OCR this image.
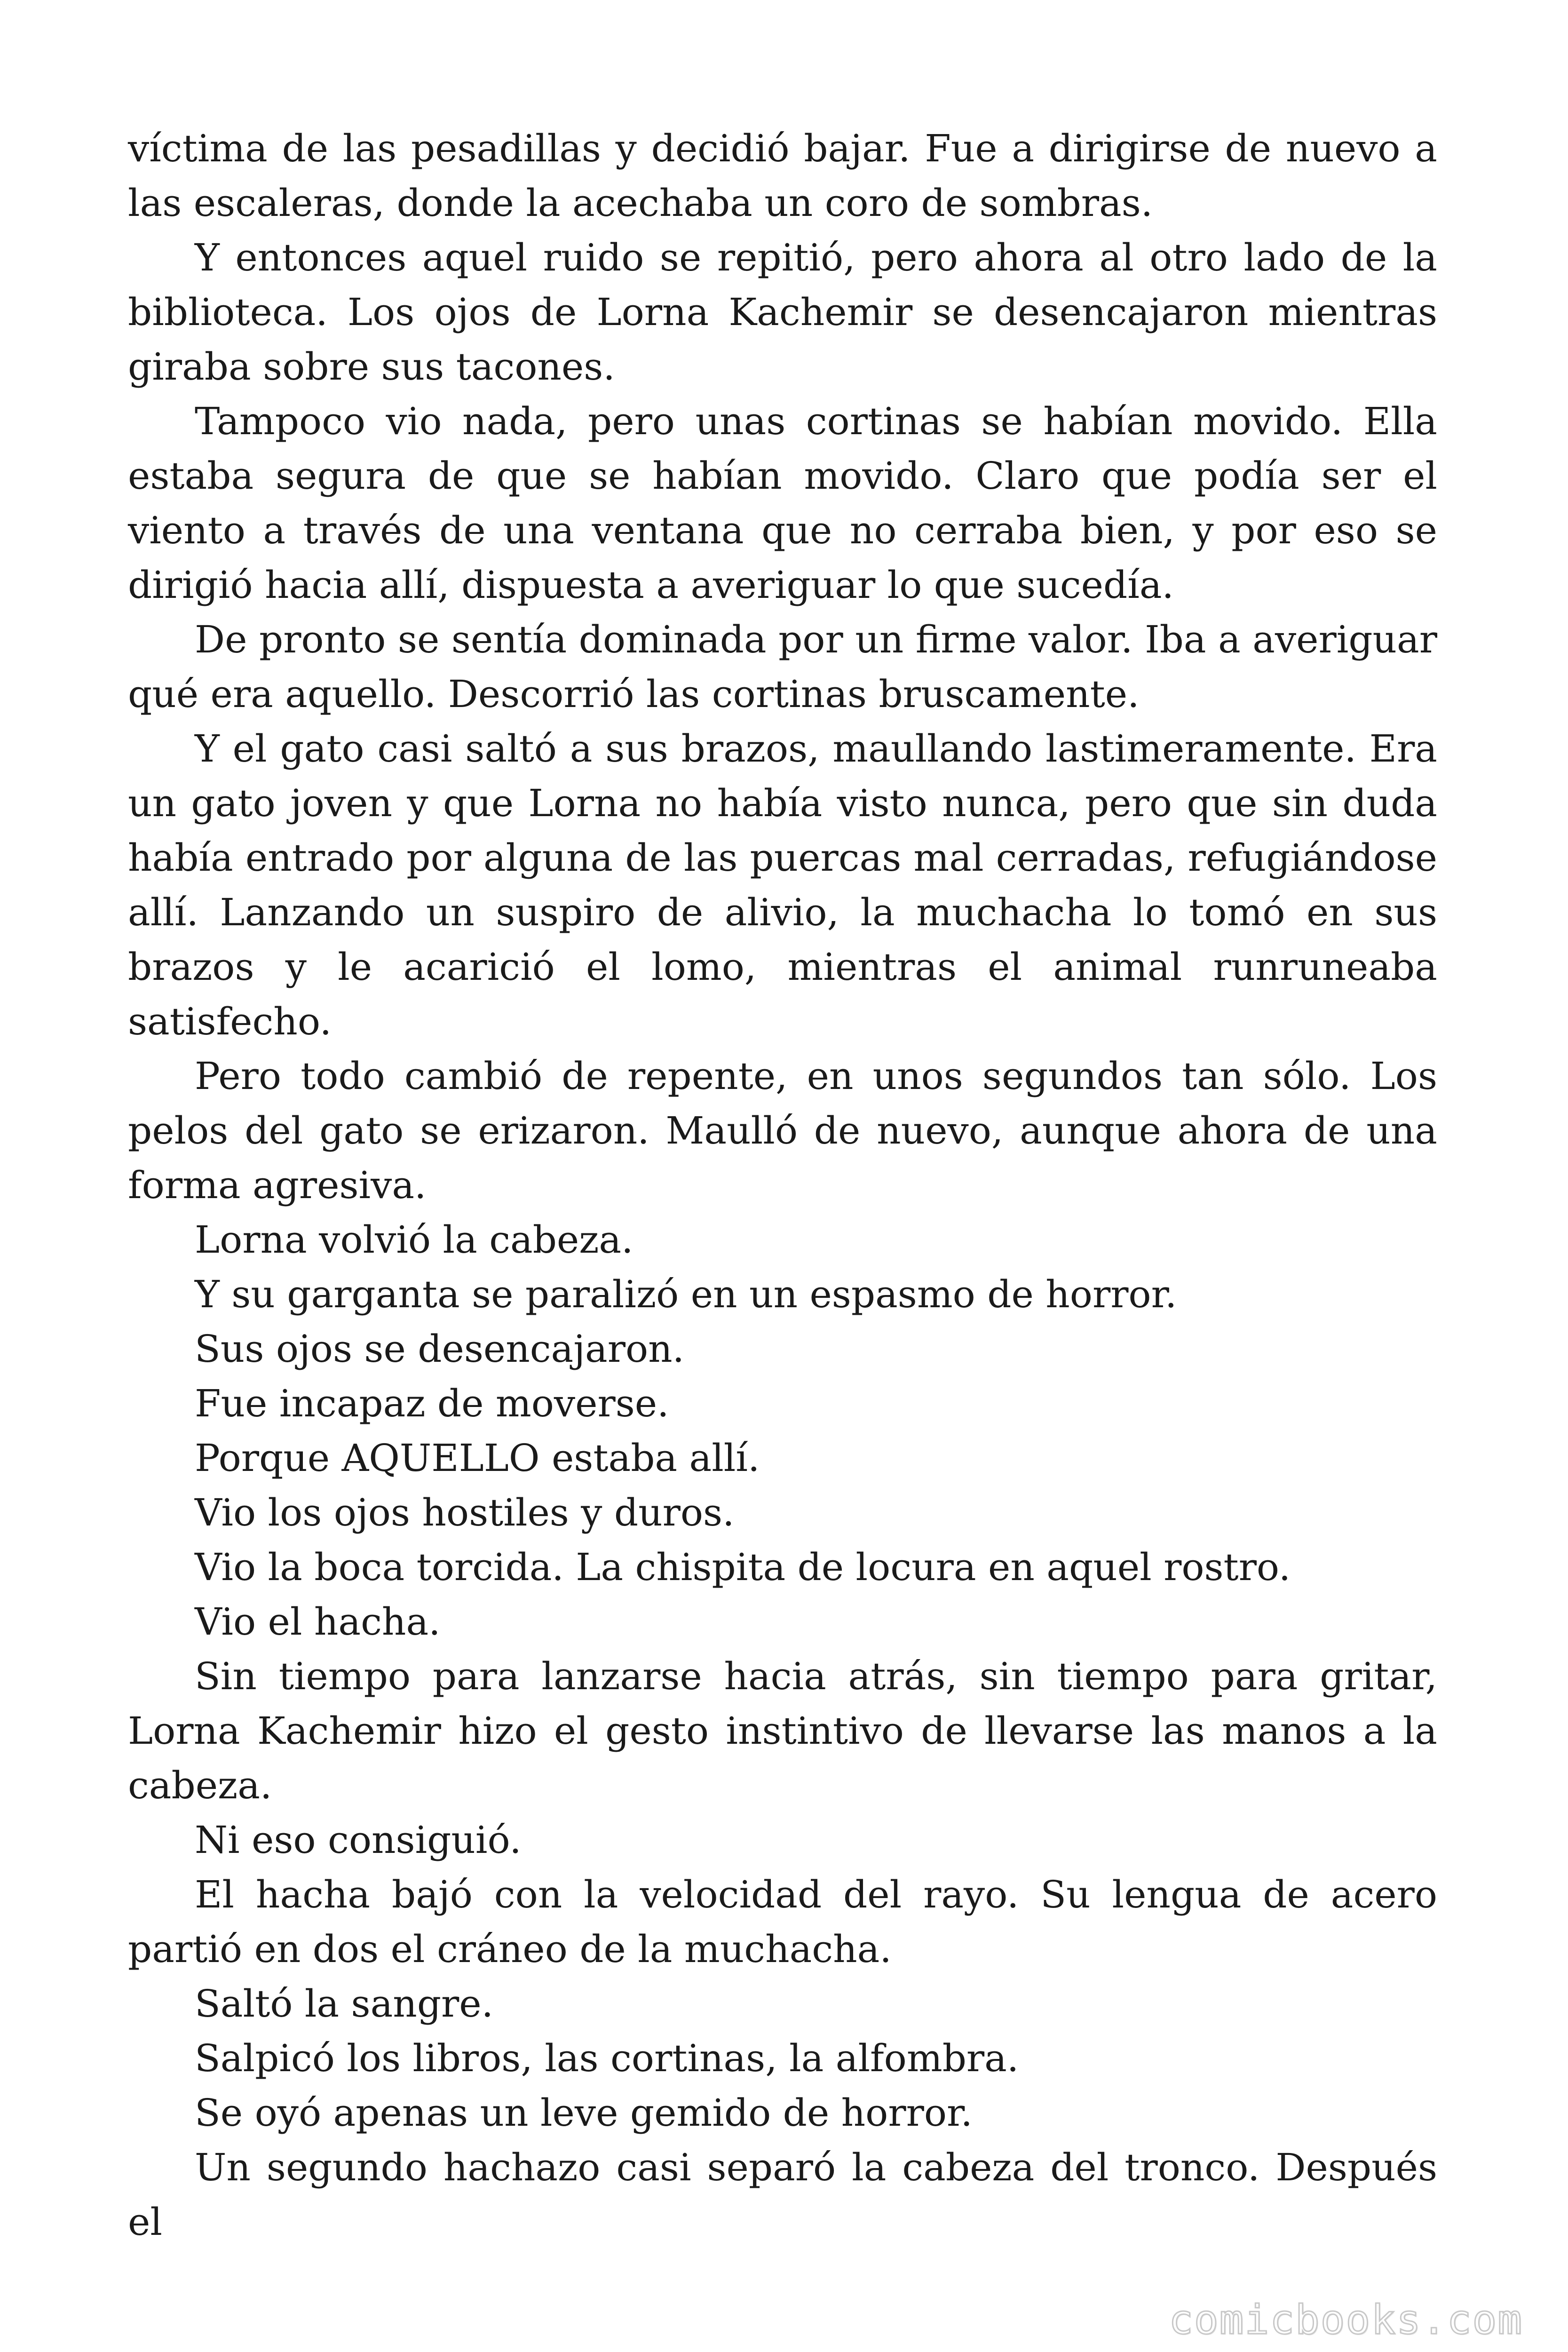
víctima de las pesadillas y decidió bajar. Fue a dirigirse de nuevo a las escaleras, donde la acechaba un coro de sombras.

Y entonces aquel ruido se repitió, pero ahora al otro lado de la biblioteca. Los ojos de Lorna Kachemir se desencajaron mientras giraba sobre sus tacones.

Tampoco vio nada, pero unas cortinas se habían movido. Ella estaba segura de que se habían movido. Claro que podía ser el viento a través de una ventana que no cerraba bien, y por eso se dirigió hacia allí, dispuesta a averiguar lo que sucedía.

De pronto se sentía dominada por un firme valor. Iba a averiguar qué era aquello. Descorrió las cortinas bruscamente.

Y el gato casi saltó a sus brazos, maullando lastimeramente. Era un gato joven y que Lorna no había visto nunca, pero que sin duda había entrado por alguna de las puercas mal cerradas, refugiándose allí. Lanzando un suspiro de alivio, la muchacha lo tomó en sus brazos y le acarició el lomo, mientras el animal runruneaba satisfecho.

Pero todo cambió de repente, en unos segundos tan sólo. Los pelos del gato se erizaron. Maulló de nuevo, aunque ahora de una forma agresiva.

Lorna volvió la cabeza.

Y su garganta se paralizó en un espasmo de horror.

Sus ojos se desencajaron.

Fue incapaz de moverse.

Porque AQUELLO estaba allí.

Vio los ojos hostiles y duros.

Vio la boca torcida. La chispita de locura en aquel rostro.

Vio el hacha.

Sin tiempo para lanzarse hacia atrás, sin tiempo para gritar, Lorna Kachemir hizo el gesto instintivo de llevarse las manos a la cabeza.

Ni eso consiguió.

El hacha bajó con la velocidad del rayo. Su lengua de acero partió en dos el cráneo de la muchacha.

Saltó la sangre.

Salpicó los libros, las cortinas, la alfombra.

Se oyó apenas un leve gemido de horror.

Un segundo hachazo casi separó la cabeza del tronco. Después el

comicbooks.com
